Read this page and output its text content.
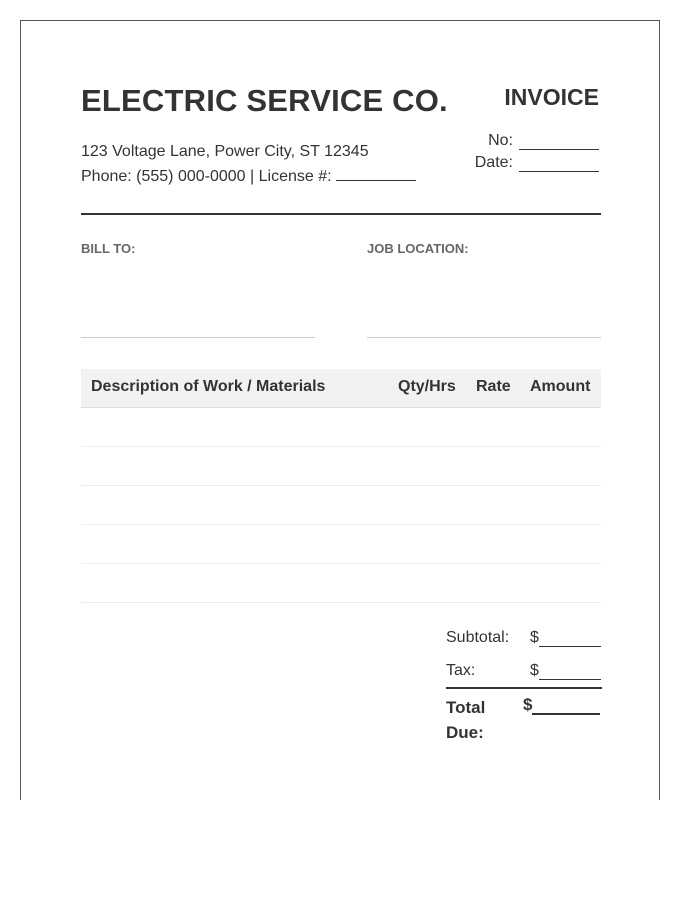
ELECTRIC SERVICE CO. INVOICE
123 Voltage Lane, Power City, ST 12345
Phone: (555) 000-0000 | License #:
No:
Date:
BILL TO:	JOB LOCATION:
Description of Work / Materials	Qty/Hrs Rate Amount
Subtotal: $
Tax:	$
Total Due:
$
